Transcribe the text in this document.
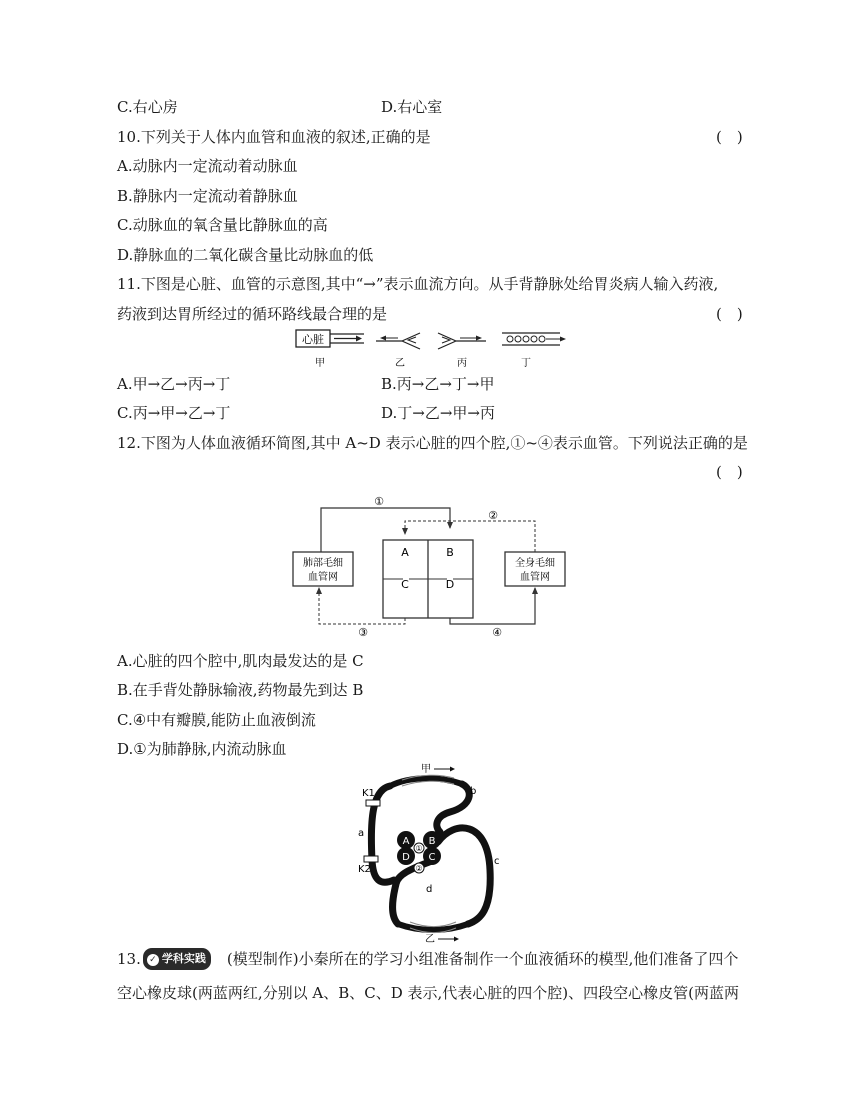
C.右心房	D.右心室
10.下列关于人体内血管和血液的叙述,正确的是	(　)
A.动脉内一定流动着动脉血
B.静脉内一定流动着静脉血
C.动脉血的氧含量比静脉血的高
D.静脉血的二氧化碳含量比动脉血的低
11.下图是心脏、血管的示意图,其中“→”表示血流方向。从手背静脉处给胃炎病人输入药液,
药液到达胃所经过的循环路线最合理的是	(　)
心脏
甲	乙	丙	丁
A.甲→乙→丙→丁	B.丙→乙→丁→甲
C.丙→甲→乙→丁	D.丁→乙→甲→丙
12.下图为人体血液循环简图,其中 A~D 表示心脏的四个腔,①~④表示血管。下列说法正确的是
(　)
①
②
A	B
C	D
肺部毛细
血管网
全身毛细
血管网
③	④
A.心脏的四个腔中,肌肉最发达的是 C
B.在手背处静脉输液,药物最先到达 B
C.④中有瓣膜,能防止血液倒流
D.①为肺静脉,内流动脉血
甲
K1
K2
a
b
c
d
乙
A B
D C
①
②
13. ✓ 学科实践 (模型制作)小秦所在的学习小组准备制作一个血液循环的模型,他们准备了四个
空心橡皮球(两蓝两红,分别以 A、B、C、D 表示,代表心脏的四个腔)、四段空心橡皮管(两蓝两
